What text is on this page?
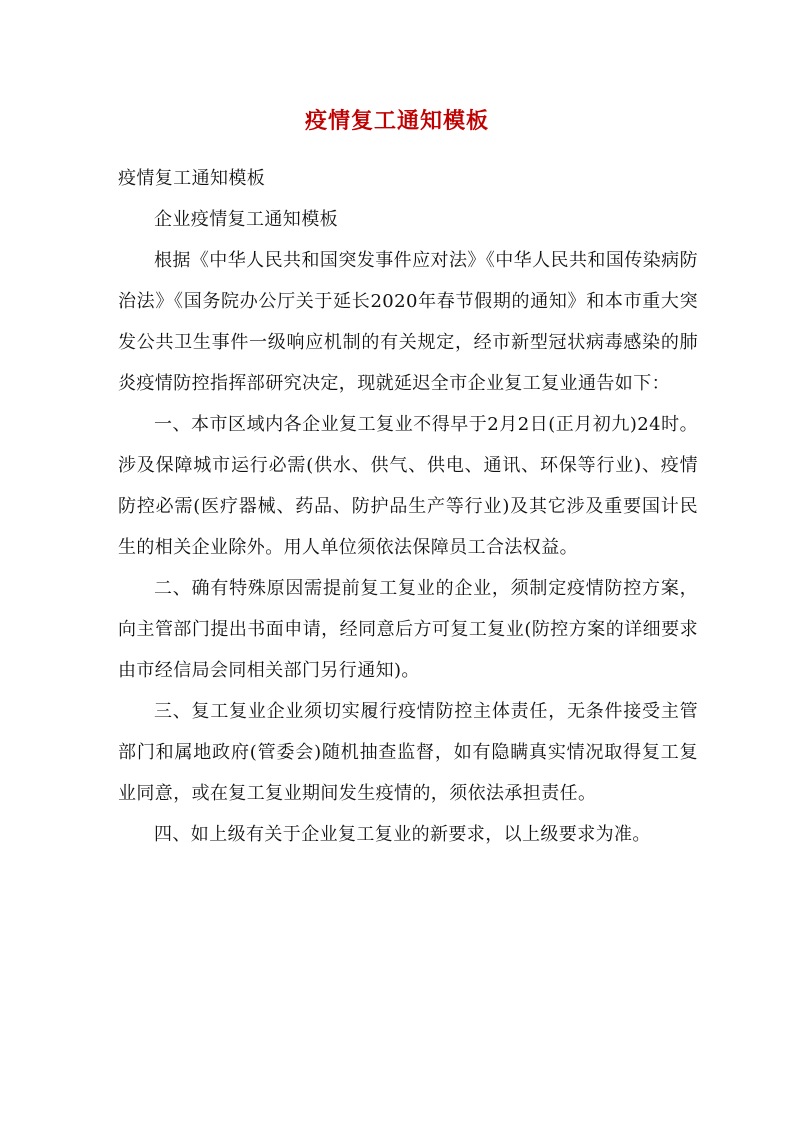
疫情复工通知模板

疫情复工通知模板

企业疫情复工通知模板

根据《中华人民共和国突发事件应对法》《中华人民共和国传染病防治法》《国务院办公厅关于延长2020年春节假期的通知》和本市重大突发公共卫生事件一级响应机制的有关规定，经市新型冠状病毒感染的肺炎疫情防控指挥部研究决定，现就延迟全市企业复工复业通告如下：

一、本市区域内各企业复工复业不得早于2月2日(正月初九)24时。涉及保障城市运行必需(供水、供气、供电、通讯、环保等行业)、疫情防控必需(医疗器械、药品、防护品生产等行业)及其它涉及重要国计民生的相关企业除外。用人单位须依法保障员工合法权益。

二、确有特殊原因需提前复工复业的企业，须制定疫情防控方案，向主管部门提出书面申请，经同意后方可复工复业(防控方案的详细要求由市经信局会同相关部门另行通知)。

三、复工复业企业须切实履行疫情防控主体责任，无条件接受主管部门和属地政府(管委会)随机抽查监督，如有隐瞒真实情况取得复工复业同意，或在复工复业期间发生疫情的，须依法承担责任。

四、如上级有关于企业复工复业的新要求，以上级要求为准。
